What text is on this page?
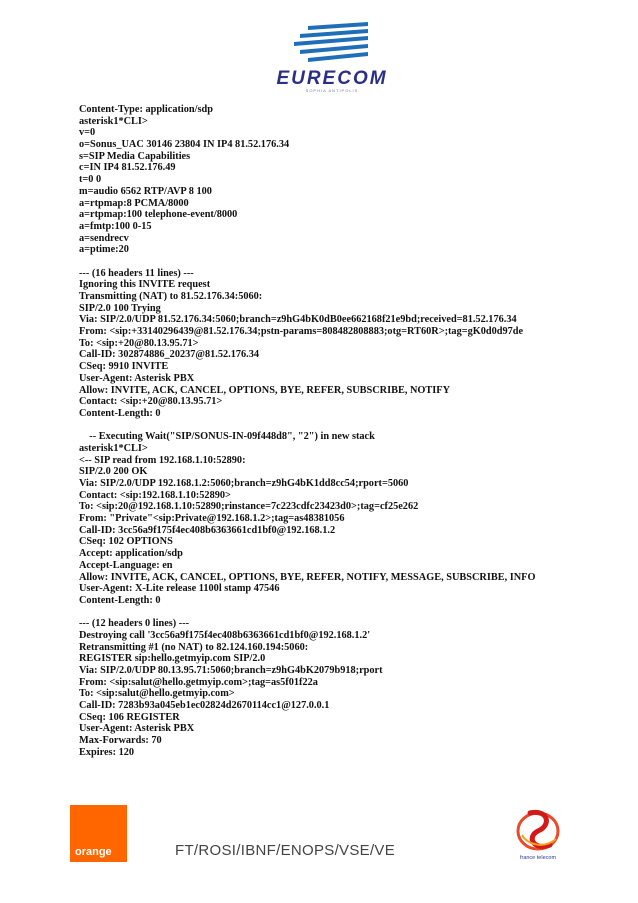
EURECOM
SOPHIA ANTIPOLIS
Content-Type: application/sdp
asterisk1*CLI>
v=0
o=Sonus_UAC 30146 23804 IN IP4 81.52.176.34
s=SIP Media Capabilities
c=IN IP4 81.52.176.49
t=0 0
m=audio 6562 RTP/AVP 8 100
a=rtpmap:8 PCMA/8000
a=rtpmap:100 telephone-event/8000
a=fmtp:100 0-15
a=sendrecv
a=ptime:20
--- (16 headers 11 lines) ---
Ignoring this INVITE request
Transmitting (NAT) to 81.52.176.34:5060:
SIP/2.0 100 Trying
Via: SIP/2.0/UDP 81.52.176.34:5060;branch=z9hG4bK0dB0ee662168f21e9bd;received=81.52.176.34
From: <sip:+33140296439@81.52.176.34;pstn-params=808482808883;otg=RT60R>;tag=gK0d0d97de
To: <sip:+20@80.13.95.71>
Call-ID: 302874886_20237@81.52.176.34
CSeq: 9910 INVITE
User-Agent: Asterisk PBX
Allow: INVITE, ACK, CANCEL, OPTIONS, BYE, REFER, SUBSCRIBE, NOTIFY
Contact: <sip:+20@80.13.95.71>
Content-Length: 0
-- Executing Wait("SIP/SONUS-IN-09f448d8", "2") in new stack
asterisk1*CLI>
<-- SIP read from 192.168.1.10:52890:
SIP/2.0 200 OK
Via: SIP/2.0/UDP 192.168.1.2:5060;branch=z9hG4bK1dd8cc54;rport=5060
Contact: <sip:192.168.1.10:52890>
To: <sip:20@192.168.1.10:52890;rinstance=7c223cdfc23423d0>;tag=cf25e262
From: "Private"<sip:Private@192.168.1.2>;tag=as48381056
Call-ID: 3cc56a9f175f4ec408b6363661cd1bf0@192.168.1.2
CSeq: 102 OPTIONS
Accept: application/sdp
Accept-Language: en
Allow: INVITE, ACK, CANCEL, OPTIONS, BYE, REFER, NOTIFY, MESSAGE, SUBSCRIBE, INFO
User-Agent: X-Lite release 1100l stamp 47546
Content-Length: 0
--- (12 headers 0 lines) ---
Destroying call '3cc56a9f175f4ec408b6363661cd1bf0@192.168.1.2'
Retransmitting #1 (no NAT) to 82.124.160.194:5060:
REGISTER sip:hello.getmyip.com SIP/2.0
Via: SIP/2.0/UDP 80.13.95.71:5060;branch=z9hG4bK2079b918;rport
From: <sip:salut@hello.getmyip.com>;tag=as5f01f22a
To: <sip:salut@hello.getmyip.com>
Call-ID: 7283b93a045eb1ec02824d2670114cc1@127.0.0.1
CSeq: 106 REGISTER
User-Agent: Asterisk PBX
Max-Forwards: 70
Expires: 120
orange	FT/ROSI/IBNF/ENOPS/VSE/VE	france telecom
